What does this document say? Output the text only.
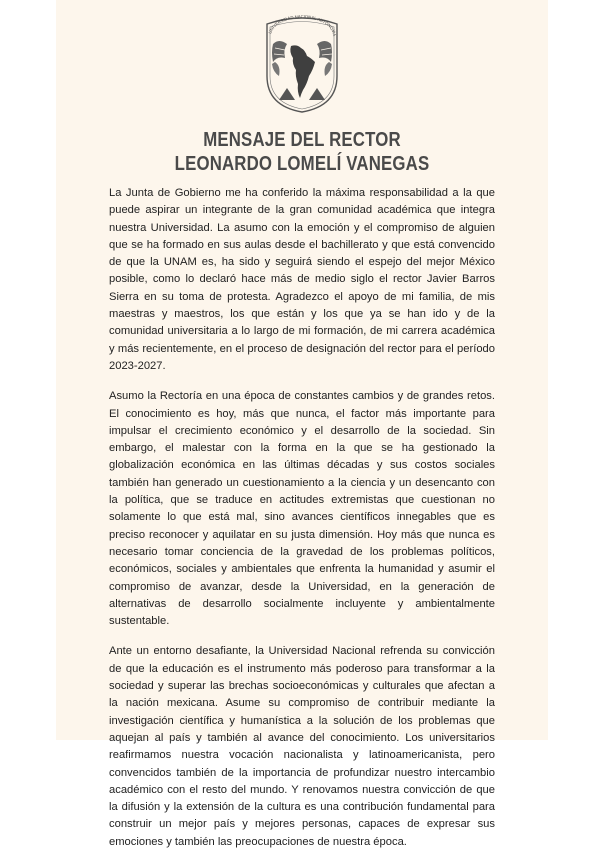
UNIVERSIDAD NACIONAL AUTÓNOMA
MENSAJE DEL RECTOR
LEONARDO LOMELÍ VANEGAS

La Junta de Gobierno me ha conferido la máxima responsabilidad a la que puede aspirar un integrante de la gran comunidad académica que integra nuestra Universidad. La asumo con la emoción y el compromiso de alguien que se ha formado en sus aulas desde el bachillerato y que está convencido de que la UNAM es, ha sido y seguirá siendo el espejo del mejor México posible, como lo declaró hace más de medio siglo el rector Javier Barros Sierra en su toma de protesta. Agradezco el apoyo de mi familia, de mis maestras y maestros, los que están y los que ya se han ido y de la comunidad universitaria a lo largo de mi formación, de mi carrera académica y más recientemente, en el proceso de designación del rector para el período 2023-2027.

Asumo la Rectoría en una época de constantes cambios y de grandes retos. El conocimiento es hoy, más que nunca, el factor más importante para impulsar el crecimiento económico y el desarrollo de la sociedad. Sin embargo, el malestar con la forma en la que se ha gestionado la globalización económica en las últimas décadas y sus costos sociales también han generado un cuestionamiento a la ciencia y un desencanto con la política, que se traduce en actitudes extremistas que cuestionan no solamente lo que está mal, sino avances científicos innegables que es preciso reconocer y aquilatar en su justa dimensión. Hoy más que nunca es necesario tomar conciencia de la gravedad de los problemas políticos, económicos, sociales y ambientales que enfrenta la humanidad y asumir el compromiso de avanzar, desde la Universidad, en la generación de alternativas de desarrollo socialmente incluyente y ambientalmente sustentable.

Ante un entorno desafiante, la Universidad Nacional refrenda su convicción de que la educación es el instrumento más poderoso para transformar a la sociedad y superar las brechas socioeconómicas y culturales que afectan a la nación mexicana. Asume su compromiso de contribuir mediante la investigación científica y humanística a la solución de los problemas que aquejan al país y también al avance del conocimiento. Los universitarios reafirmamos nuestra vocación nacionalista y latinoamericanista, pero convencidos también de la importancia de profundizar nuestro intercambio académico con el resto del mundo. Y renovamos nuestra convicción de que la difusión y la extensión de la cultura es una contribución fundamental para construir un mejor país y mejores personas, capaces de expresar sus emociones y también las preocupaciones de nuestra época.
